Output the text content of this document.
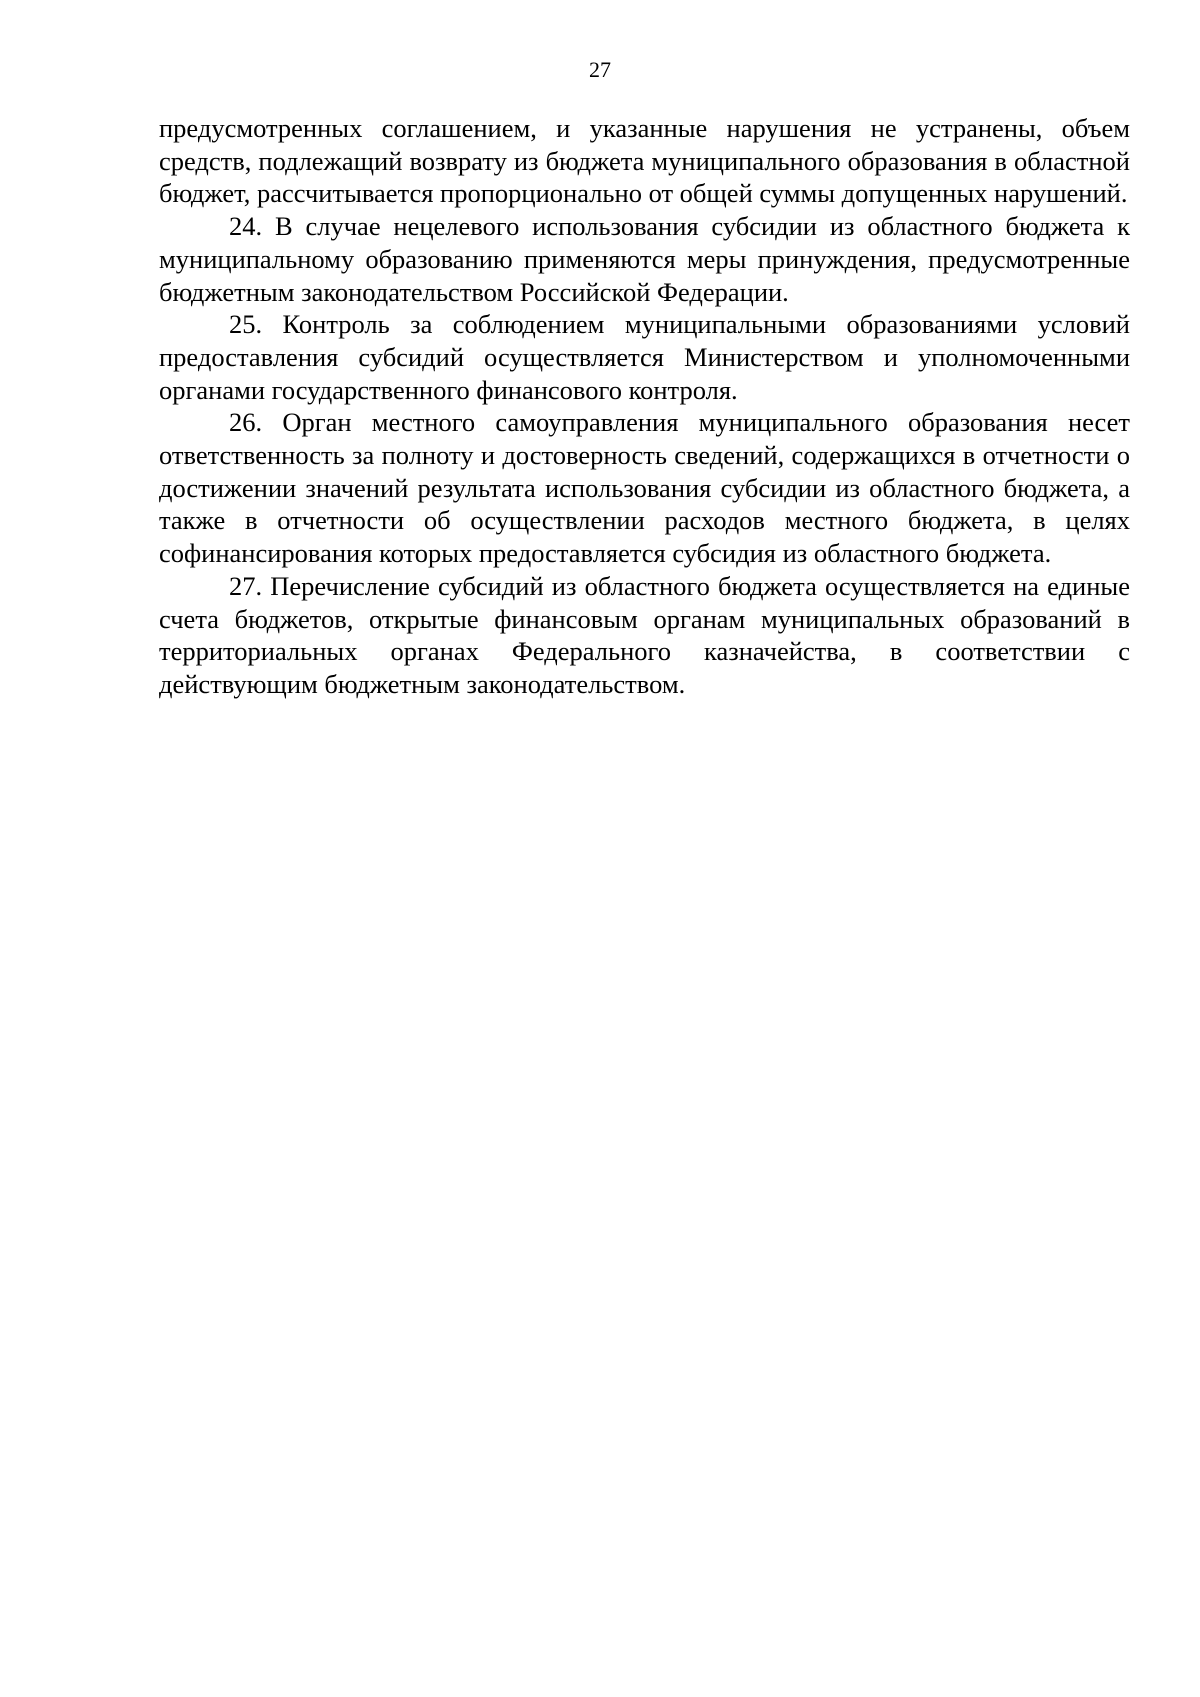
27

предусмотренных соглашением, и указанные нарушения не устранены, объем средств, подлежащий возврату из бюджета муниципального образования в областной бюджет, рассчитывается пропорционально от общей суммы допущенных нарушений.

24. В случае нецелевого использования субсидии из областного бюджета к муниципальному образованию применяются меры принуждения, предусмотренные бюджетным законодательством Российской Федерации.

25. Контроль за соблюдением муниципальными образованиями условий предоставления субсидий осуществляется Министерством и уполномоченными органами государственного финансового контроля.

26. Орган местного самоуправления муниципального образования несет ответственность за полноту и достоверность сведений, содержащихся в отчетности о достижении значений результата использования субсидии из областного бюджета, а также в отчетности об осуществлении расходов местного бюджета, в целях софинансирования которых предоставляется субсидия из областного бюджета.

27. Перечисление субсидий из областного бюджета осуществляется на единые счета бюджетов, открытые финансовым органам муниципальных образований в территориальных органах Федерального казначейства, в соответствии с действующим бюджетным законодательством.
